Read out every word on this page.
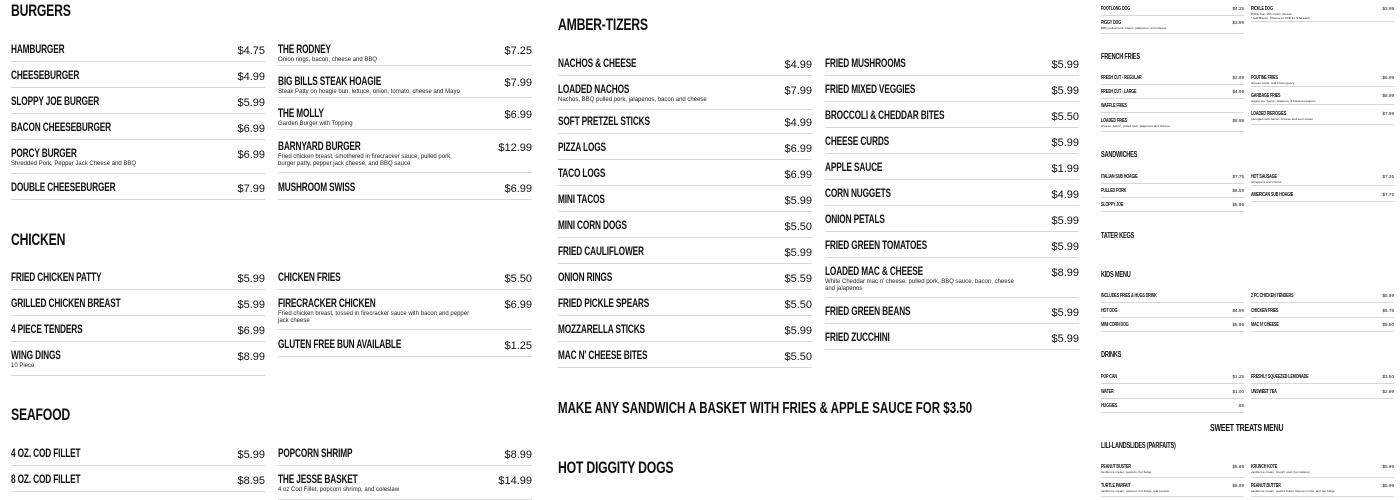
BURGERS
HAMBURGER	$4.75
CHEESEBURGER	$4.99
SLOPPY JOE BURGER	$5.99
BACON CHEESEBURGER	$6.99
PORCY BURGER	$6.99
Shredded Pork, Pepper Jack Cheese and BBQ
DOUBLE CHEESEBURGER	$7.99
THE RODNEY	$7.25
Onion rings, bacon, cheese and BBQ
BIG BILLS STEAK HOAGIE	$7.99
Steak Patty on hoagie bun, lettuce, onion, tomato, cheese and Mayo
THE MOLLY	$6.99
Garden Burger with Topping
BARNYARD BURGER	$12.99
Fried chicken breast, smothered in firecracker sauce, pulled pork, burger patty, pepper jack cheese, and BBQ sauce
MUSHROOM SWISS	$6.99
CHICKEN
FRIED CHICKEN PATTY	$5.99
GRILLED CHICKEN BREAST	$5.99
4 PIECE TENDERS	$6.99
WING DINGS	$8.99
10 Piece
CHICKEN FRIES	$5.50
FIRECRACKER CHICKEN	$6.99
Fried chicken breast, tossed in firecracker sauce with bacon and pepper jack cheese
GLUTEN FREE BUN AVAILABLE	$1.25
SEAFOOD
4 OZ. COD FILLET	$5.99
8 OZ. COD FILLET	$8.95
POPCORN SHRIMP	$8.99
THE JESSE BASKET	$14.99
4 oz Cod Fillet, popcorn shrimp, and coleslaw
AMBER-TIZERS
NACHOS & CHEESE	$4.99
LOADED NACHOS	$7.99
Nachos, BBQ pulled pork, jalapenos, bacon and cheese
SOFT PRETZEL STICKS	$4.99
PIZZA LOGS	$6.99
TACO LOGS	$6.99
MINI TACOS	$5.99
MINI CORN DOGS	$5.50
FRIED CAULIFLOWER	$5.99
ONION RINGS	$5.59
FRIED PICKLE SPEARS	$5.50
MOZZARELLA STICKS	$5.99
MAC N' CHEESE BITES	$5.50
FRIED MUSHROOMS	$5.99
FRIED MIXED VEGGIES	$5.99
BROCCOLI & CHEDDAR BITES	$5.50
CHEESE CURDS	$5.99
APPLE SAUCE	$1.99
CORN NUGGETS	$4.99
ONION PETALS	$5.99
FRIED GREEN TOMATOES	$5.99
LOADED MAC & CHEESE	$8.99
White Cheddar mac n' cheese, pulled pork, BBQ sauce, bacon, cheese and jalapenos
FRIED GREEN BEANS	$5.99
FRIED ZUCCHINI	$5.99
MAKE ANY SANDWICH A BASKET WITH FRIES & APPLE SAUCE FOR $3.50
HOT DIGGITY DOGS
FOOTLONG DOG	$4.25
PIGGY DOG	$3.99
BBQ pulled pork, bacon, jalapenos, and cheese
PICKLE DOG	$3.99
Pickle bun with cream cheese
* Add Bacon, Cheese or Chili for $.60 each
FRENCH FRIES
FRESH CUT - REGULAR	$3.99
FRESH CUT - LARGE	$4.99
WAFFLE FRIES
LOADED FRIES	$8.99
cheese, bacon, pulled pork, jalapenos and cheese
POUTINE FRIES	$6.99
cheese curds, and brown gravy
GARBAGE FRIES	$8.99
sloppy joe, bacon, jalapeno, & banana peppers
LOADED PIEROGIES	$7.99
pierogies with bacon, cheese and sour cream
SANDWICHES
ITALIAN SUB HOAGIE	$7.75
PULLED PORK	$6.59
SLOPPY JOE	$5.99
HOT SAUSAGE	$7.25
w/peppers and onions
AMERICAN SUB HOAGIE	$7.75
TATER KEGS
KIDS MENU
INCLUDES FRIES & HUGS DRINK
HOT DOG	$4.99
MINI CORN DOG	$5.99
2 PC CHICKEN TENDERS	$5.99
CHICKEN FRIES	$5.75
MAC N' CHEESE	$5.50
DRINKS
POP CAN	$1.25
WATER	$1.00
HUGGIES	.85
FRESHLY SQUEEZED LEMONADE	$3.50
UNSWEET TEA	$2.99
SWEET TREATS MENU
LILI-LANDSLIDES (PARFAITS)
PEANUT BUSTER	$5.99
vanilla ice cream, peanuts, hot fudge
TURTLE PARFAIT	$5.99
vanilla ice cream, caramel, hot fudge, and pecans
KRUNCH KOTE	$5.99
vanilla ice cream, crunch coat, hot caramel
PEANUT BUTTER	$5.99
vanilla ice cream, peanut butter, Reese's cups, and hot fudge
